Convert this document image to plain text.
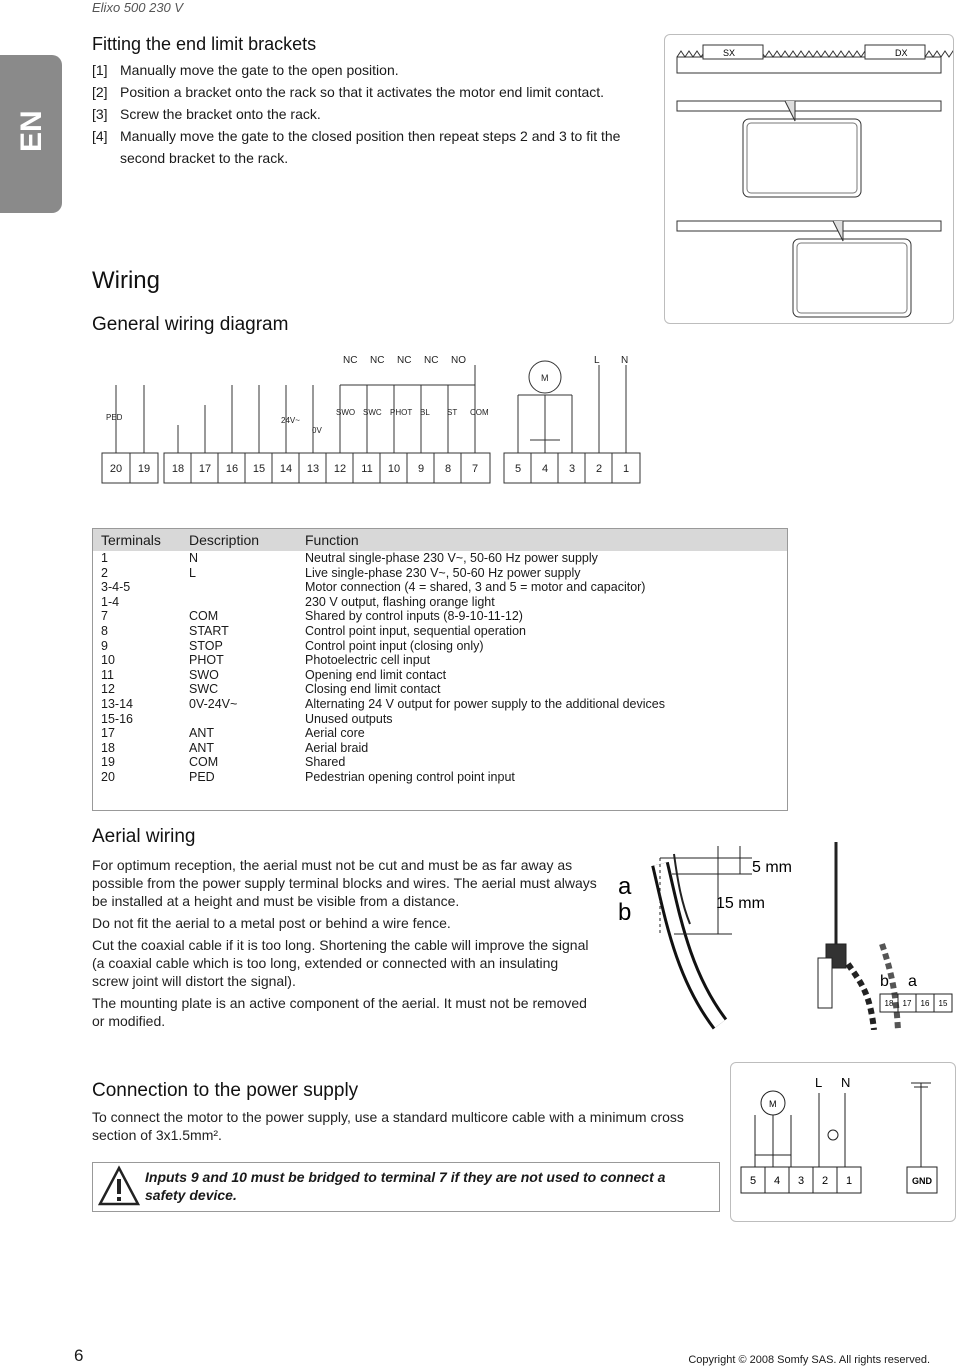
Elixo 500 230 V
EN
Fitting the end limit brackets
[1] Manually move the gate to the open position.
[2] Position a bracket onto the rack so that it activates the motor end limit contact.
[3] Screw the bracket onto the rack.
[4] Manually move the gate to the closed position then repeat steps 2 and 3 to fit the second bracket to the rack.
SX	DX
Wiring
General wiring diagram
NC NC NC NC NO	L N
M
PED	24V~
0V
SWO SWC PHOT BL ST COM
20 19 18 17 16 15 14 13 12 11 10 9 8 7	5 4 3 2 1
Terminals	Description	Function
1	N	Neutral single-phase 230 V~, 50-60 Hz power supply
2	L	Live single-phase 230 V~, 50-60 Hz power supply
3-4-5		Motor connection (4 = shared, 3 and 5 = motor and capacitor)
1-4		230 V output, flashing orange light
7	COM	Shared by control inputs (8-9-10-11-12)
8	START	Control point input, sequential operation
9	STOP	Control point input (closing only)
10	PHOT	Photoelectric cell input
11	SWO	Opening end limit contact
12	SWC	Closing end limit contact
13-14	0V-24V~	Alternating 24 V output for power supply to the additional devices
15-16		Unused outputs
17	ANT	Aerial core
18	ANT	Aerial braid
19	COM	Shared
20	PED	Pedestrian opening control point input
Aerial wiring

For optimum reception, the aerial must not be cut and must be as far away as possible from the power supply terminal blocks and wires. The aerial must always be installed at a height and must be visible from a distance.

Do not fit the aerial to a metal post or behind a wire fence.

Cut the coaxial cable if it is too long. Shortening the cable will improve the signal (a coaxial cable which is too long, extended or connected with an insulating screw joint will distort the signal).

The mounting plate is an active component of the aerial. It must not be removed or modified.

a
b
5 mm
15 mm
b a
18 17 16 15
Connection to the power supply

To connect the motor to the power supply, use a standard multicore cable with a minimum cross section of 3x1.5mm².

Inputs 9 and 10 must be bridged to terminal 7 if they are not used to connect a safety device.
M
L N
5 4 3 2 1	GND
6	Copyright © 2008 Somfy SAS. All rights reserved.
